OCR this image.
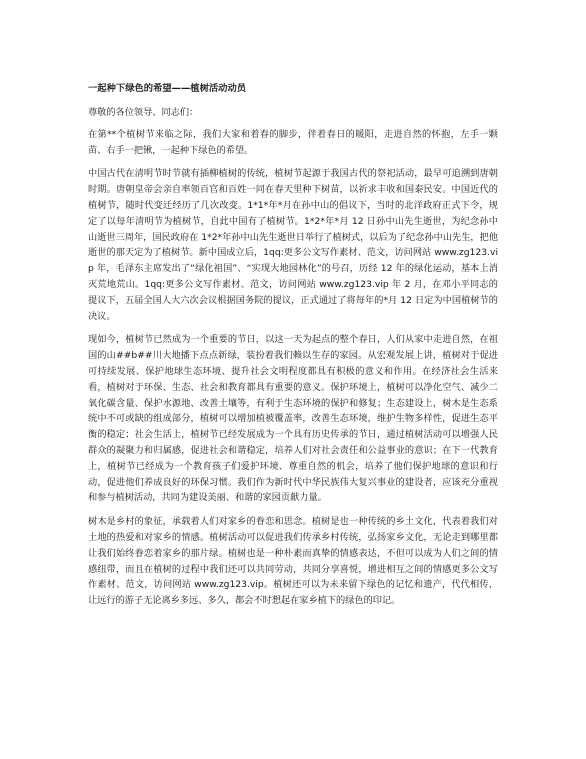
一起种下绿色的希望——植树活动动员

尊敬的各位领导、同志们：

在第**个植树节来临之际，我们大家和着春的脚步，伴着春日的暖阳，走进自然的怀抱，左手一颗苗、右手一把锹，一起种下绿色的希望。

中国古代在清明节时节就有插柳植树的传统，植树节起源于我国古代的祭祀活动，最早可追溯到唐朝时期。唐朝皇帝会亲自率领百官和百姓一同在春天里种下树苗，以祈求丰收和国泰民安。中国近代的植树节，随时代变迁经历了几次改变。1*1*年*月在孙中山的倡议下，当时的北洋政府正式下令，规定了以每年清明节为植树节，自此中国有了植树节。1*2*年*月 12 日孙中山先生逝世，为纪念孙中山逝世三周年，国民政府在 1*2*年孙中山先生逝世日举行了植树式，以后为了纪念孙中山先生，把他逝世的那天定为了植树节。新中国成立后，1qq:更多公文写作素材、范文，访问网站 www.zg123.vip 年，毛泽东主席发出了“绿化祖国”、“实现大地园林化”的号召，历经 12 年的绿化运动，基本上消灭荒地荒山。1qq:更多公文写作素材、范文，访问网站 www.zg123.vip 年 2 月，在邓小平同志的提议下，五届全国人大六次会议根据国务院的提议，正式通过了将每年的*月 12 日定为中国植树节的决议。

现如今，植树节已然成为一个重要的节日，以这一天为起点的整个春日，人们从家中走进自然，在祖国的山##b##川大地播下点点新绿，装扮着我们赖以生存的家园。从宏观发展上讲，植树对于促进可持续发展、保护地球生态环境、提升社会文明程度都具有积极的意义和作用。在经济社会生活来看，植树对于环保、生态、社会和教育都具有重要的意义。保护环境上，植树可以净化空气、减少二氧化碳含量、保护水源地、改善土壤等，有利于生态环境的保护和修复；生态建设上，树木是生态系统中不可或缺的组成部分，植树可以增加植被覆盖率，改善生态环境，维护生物多样性，促进生态平衡的稳定；社会生活上，植树节已经发展成为一个具有历史传承的节日，通过植树活动可以增强人民群众的凝聚力和归属感，促进社会和谐稳定，培养人们对社会责任和公益事业的意识；在下一代教育上，植树节已经成为一个教育孩子们爱护环境、尊重自然的机会，培养了他们保护地球的意识和行动，促进他们养成良好的环保习惯。我们作为新时代中华民族伟大复兴事业的建设者，应该充分重视和参与植树活动，共同为建设美丽、和谐的家园贡献力量。

树木是乡村的象征，承载着人们对家乡的眷恋和思念。植树是也一种传统的乡土文化，代表着我们对土地的热爱和对家乡的情感。植树活动可以促进我们传承乡村传统，弘扬家乡文化，无论走到哪里都让我们始终眷恋着家乡的那片绿。植树也是一种朴素而真挚的情感表达，不但可以成为人们之间的情感纽带，而且在植树的过程中我们还可以共同劳动，共同分享喜悦，增进相互之间的情感更多公文写作素材、范文，访问网站 www.zg123.vip。植树还可以为未来留下绿色的记忆和遗产，代代相传，让远行的游子无论离乡多远、多久，都会不时想起在家乡植下的绿色的印记。
